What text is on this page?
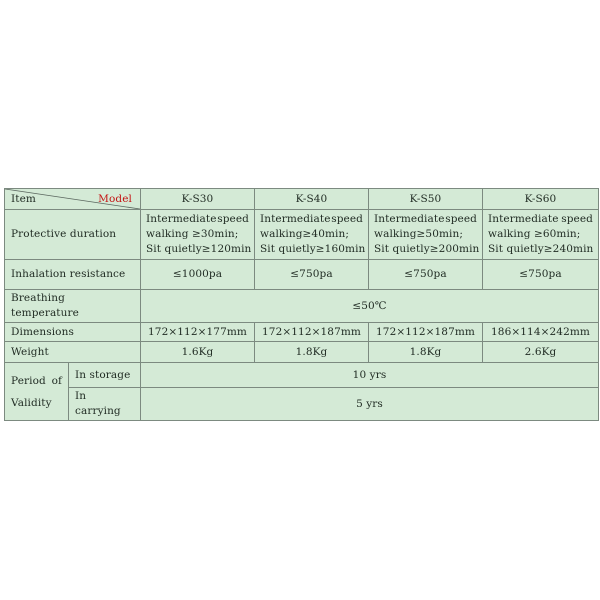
Item Model		K-S30	K-S40	K-S50	K-S60
Protective duration		Intermediate speed
walking ≥30min;
Sit quietly≥120min	Intermediate speed
walking≥40min;
Sit quietly≥160min	Intermediate speed
walking≥50min;
Sit quietly≥200min	Intermediate speed
walking ≥60min;
Sit quietly≥240min

Inhalation resistance		≤1000pa	≤750pa	≤750pa	≤750pa
Breathing temperature		≤50℃			
Dimensions		172×112×177mm	172×112×187mm	172×112×187mm	186×114×242mm
Weight		1.6Kg	1.8Kg	1.8Kg	2.6Kg

Period of
Validity	In storage	10 yrs			
	In carrying	5 yrs			
